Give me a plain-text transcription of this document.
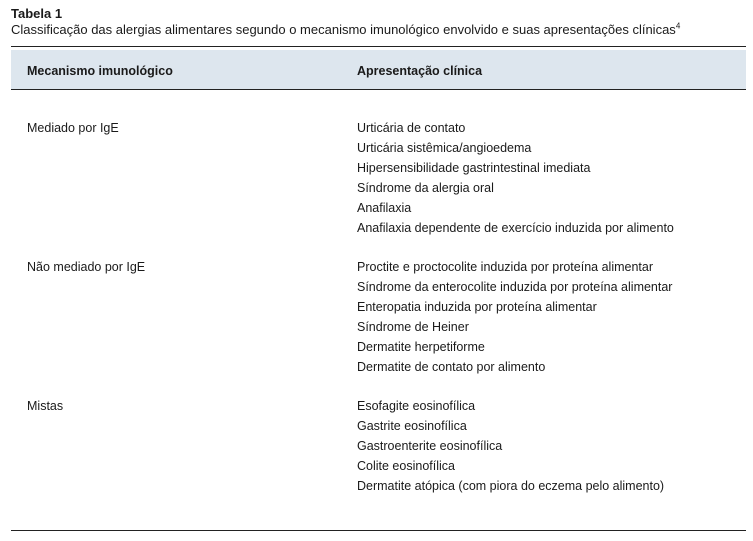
Tabela 1

Classificação das alergias alimentares segundo o mecanismo imunológico envolvido e suas apresentações clínicas$^4$

Mecanismo imunológico	Apresentação clínica
Mediado por IgE	Urticária de contato
Urticária sistêmica/angioedema
Hipersensibilidade gastrintestinal imediata
Síndrome da alergia oral
Anafilaxia
Anafilaxia dependente de exercício induzida por alimento
Não mediado por IgE	Proctite e proctocolite induzida por proteína alimentar
Síndrome da enterocolite induzida por proteína alimentar
Enteropatia induzida por proteína alimentar
Síndrome de Heiner
Dermatite herpetiforme
Dermatite de contato por alimento
Mistas	Esofagite eosinofílica
Gastrite eosinofílica
Gastroenterite eosinofílica
Colite eosinofílica
Dermatite atópica (com piora do eczema pelo alimento)
